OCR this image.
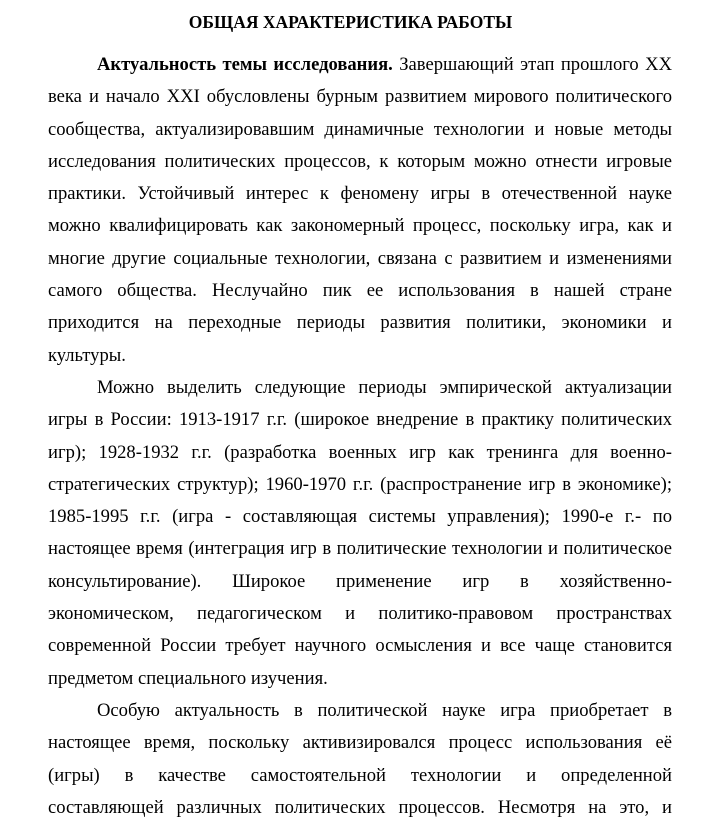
ОБЩАЯ ХАРАКТЕРИСТИКА РАБОТЫ
Актуальность темы исследования. Завершающий этап прошлого XX
века и начало XXI обусловлены бурным развитием мирового политического
сообщества, актуализировавшим динамичные технологии и новые методы
исследования политических процессов, к которым можно отнести игровые
практики. Устойчивый интерес к феномену игры в отечественной науке
можно квалифицировать как закономерный процесс, поскольку игра, как и
многие другие социальные технологии, связана с развитием и изменениями
самого общества. Неслучайно пик ее использования в нашей стране
приходится на переходные периоды развития политики, экономики и
культуры.
Можно выделить следующие периоды эмпирической актуализации
игры в России: 1913-1917 г.г. (широкое внедрение в практику политических
игр); 1928-1932 г.г. (разработка военных игр как тренинга для военно-
стратегических структур); 1960-1970 г.г. (распространение игр в экономике);
1985-1995 г.г. (игра - составляющая системы управления); 1990-е г.- по
настоящее время (интеграция игр в политические технологии и политическое
консультирование). Широкое применение игр в хозяйственно-
экономическом, педагогическом и политико-правовом пространствах
современной России требует научного осмысления и все чаще становится
предметом специального изучения.
Особую актуальность в политической науке игра приобретает в
настоящее время, поскольку активизировался процесс использования её
(игры) в качестве самостоятельной технологии и определенной
составляющей различных политических процессов. Несмотря на это, и
